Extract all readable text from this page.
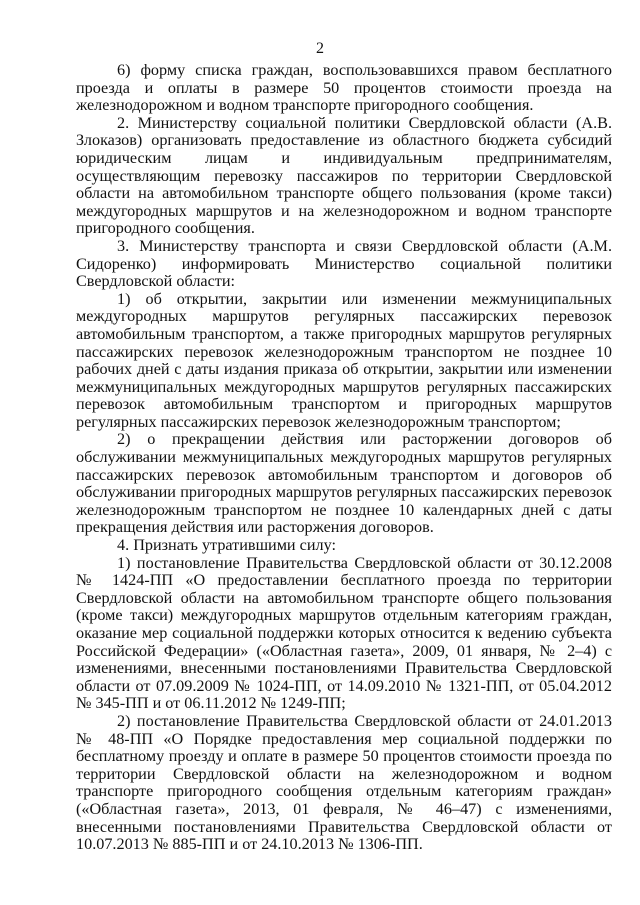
2

6) форму списка граждан, воспользовавшихся правом бесплатного проезда и оплаты в размере 50 процентов стоимости проезда на железнодорожном и водном транспорте пригородного сообщения.

2. Министерству социальной политики Свердловской области (А.В. Злоказов) организовать предоставление из областного бюджета субсидий юридическим лицам и индивидуальным предпринимателям, осуществляющим перевозку пассажиров по территории Свердловской области на автомобильном транспорте общего пользования (кроме такси) междугородных маршрутов и на железнодорожном и водном транспорте пригородного сообщения.

3. Министерству транспорта и связи Свердловской области (А.М. Сидоренко) информировать Министерство социальной политики Свердловской области:

1) об открытии, закрытии или изменении межмуниципальных междугородных маршрутов регулярных пассажирских перевозок автомобильным транспортом, а также пригородных маршрутов регулярных пассажирских перевозок железнодорожным транспортом не позднее 10 рабочих дней с даты издания приказа об открытии, закрытии или изменении межмуниципальных междугородных маршрутов регулярных пассажирских перевозок автомобильным транспортом и пригородных маршрутов регулярных пассажирских перевозок железнодорожным транспортом;

2) о прекращении действия или расторжении договоров об обслуживании межмуниципальных междугородных маршрутов регулярных пассажирских перевозок автомобильным транспортом и договоров об обслуживании пригородных маршрутов регулярных пассажирских перевозок железнодорожным транспортом не позднее 10 календарных дней с даты прекращения действия или расторжения договоров.

4. Признать утратившими силу:

1) постановление Правительства Свердловской области от 30.12.2008 № 1424-ПП «О предоставлении бесплатного проезда по территории Свердловской области на автомобильном транспорте общего пользования (кроме такси) междугородных маршрутов отдельным категориям граждан, оказание мер социальной поддержки которых относится к ведению субъекта Российской Федерации» («Областная газета», 2009, 01 января, № 2–4) с изменениями, внесенными постановлениями Правительства Свердловской области от 07.09.2009 № 1024-ПП, от 14.09.2010 № 1321-ПП, от 05.04.2012 № 345-ПП и от 06.11.2012 № 1249-ПП;

2) постановление Правительства Свердловской области от 24.01.2013 № 48-ПП «О Порядке предоставления мер социальной поддержки по бесплатному проезду и оплате в размере 50 процентов стоимости проезда по территории Свердловской области на железнодорожном и водном транспорте пригородного сообщения отдельным категориям граждан» («Областная газета», 2013, 01 февраля, № 46–47) с изменениями, внесенными постановлениями Правительства Свердловской области от 10.07.2013 № 885-ПП и от 24.10.2013 № 1306-ПП.
